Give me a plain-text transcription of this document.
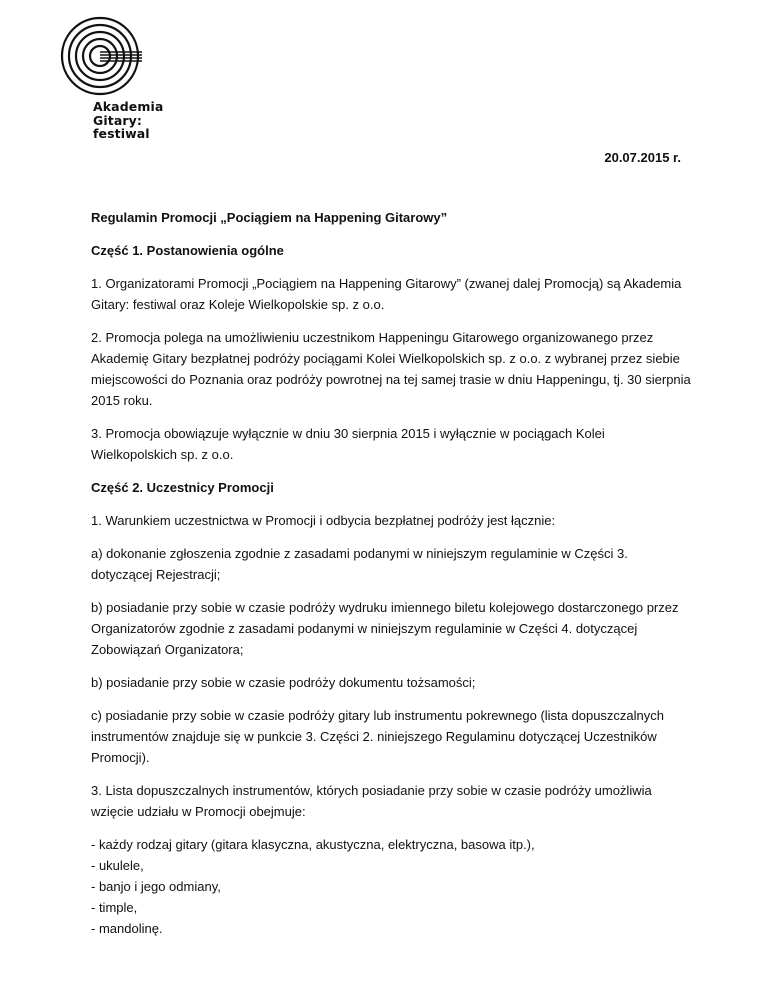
Akademia
Gitary:
festiwal
20.07.2015 r.

Regulamin Promocji „Pociągiem na Happening Gitarowy”

Część 1. Postanowienia ogólne

1. Organizatorami Promocji „Pociągiem na Happening Gitarowy” (zwanej dalej Promocją) są Akademia Gitary: festiwal oraz Koleje Wielkopolskie sp. z o.o.

2. Promocja polega na umożliwieniu uczestnikom Happeningu Gitarowego organizowanego przez Akademię Gitary bezpłatnej podróży pociągami Kolei Wielkopolskich sp. z o.o. z wybranej przez siebie miejscowości do Poznania oraz podróży powrotnej na tej samej trasie w dniu Happeningu, tj. 30 sierpnia 2015 roku.

3. Promocja obowiązuje wyłącznie w dniu 30 sierpnia 2015 i wyłącznie w pociągach Kolei Wielkopolskich sp. z o.o.

Część 2. Uczestnicy Promocji

1. Warunkiem uczestnictwa w Promocji i odbycia bezpłatnej podróży jest łącznie:

a) dokonanie zgłoszenia zgodnie z zasadami podanymi w niniejszym regulaminie w Części 3. dotyczącej Rejestracji;

b) posiadanie przy sobie w czasie podróży wydruku imiennego biletu kolejowego dostarczonego przez Organizatorów zgodnie z zasadami podanymi w niniejszym regulaminie w Części 4. dotyczącej Zobowiązań Organizatora;

b) posiadanie przy sobie w czasie podróży dokumentu tożsamości;

c) posiadanie przy sobie w czasie podróży gitary lub instrumentu pokrewnego (lista dopuszczalnych instrumentów znajduje się w punkcie 3. Części 2. niniejszego Regulaminu dotyczącej Uczestników Promocji).

3. Lista dopuszczalnych instrumentów, których posiadanie przy sobie w czasie podróży umożliwia wzięcie udziału w Promocji obejmuje:

- każdy rodzaj gitary (gitara klasyczna, akustyczna, elektryczna, basowa itp.),
- ukulele,
- banjo i jego odmiany,
- timple,
- mandolinę.
